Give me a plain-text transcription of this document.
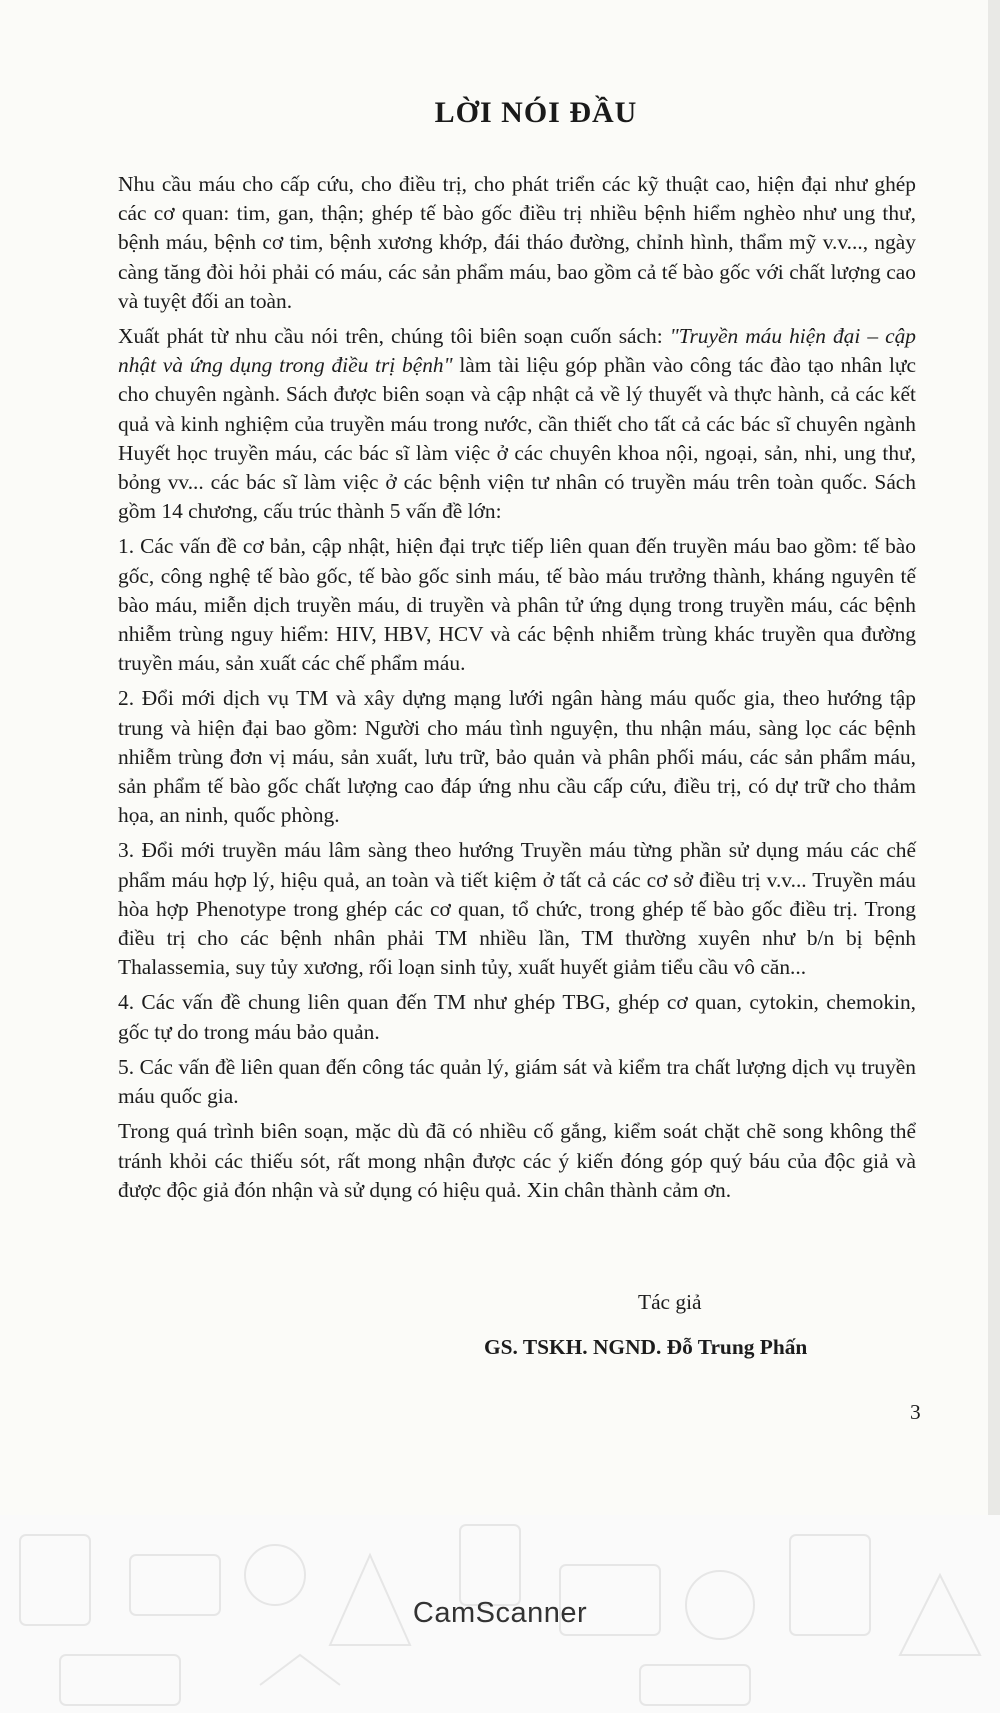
LỜI NÓI ĐẦU

Nhu cầu máu cho cấp cứu, cho điều trị, cho phát triển các kỹ thuật cao, hiện đại như ghép các cơ quan: tim, gan, thận; ghép tế bào gốc điều trị nhiều bệnh hiểm nghèo như ung thư, bệnh máu, bệnh cơ tim, bệnh xương khớp, đái tháo đường, chỉnh hình, thẩm mỹ v.v..., ngày càng tăng đòi hỏi phải có máu, các sản phẩm máu, bao gồm cả tế bào gốc với chất lượng cao và tuyệt đối an toàn.

Xuất phát từ nhu cầu nói trên, chúng tôi biên soạn cuốn sách: "Truyền máu hiện đại – cập nhật và ứng dụng trong điều trị bệnh" làm tài liệu góp phần vào công tác đào tạo nhân lực cho chuyên ngành. Sách được biên soạn và cập nhật cả về lý thuyết và thực hành, cả các kết quả và kinh nghiệm của truyền máu trong nước, cần thiết cho tất cả các bác sĩ chuyên ngành Huyết học truyền máu, các bác sĩ làm việc ở các chuyên khoa nội, ngoại, sản, nhi, ung thư, bỏng vv... các bác sĩ làm việc ở các bệnh viện tư nhân có truyền máu trên toàn quốc. Sách gồm 14 chương, cấu trúc thành 5 vấn đề lớn:

1. Các vấn đề cơ bản, cập nhật, hiện đại trực tiếp liên quan đến truyền máu bao gồm: tế bào gốc, công nghệ tế bào gốc, tế bào gốc sinh máu, tế bào máu trưởng thành, kháng nguyên tế bào máu, miễn dịch truyền máu, di truyền và phân tử ứng dụng trong truyền máu, các bệnh nhiễm trùng nguy hiểm: HIV, HBV, HCV và các bệnh nhiễm trùng khác truyền qua đường truyền máu, sản xuất các chế phẩm máu.

2. Đổi mới dịch vụ TM và xây dựng mạng lưới ngân hàng máu quốc gia, theo hướng tập trung và hiện đại bao gồm: Người cho máu tình nguyện, thu nhận máu, sàng lọc các bệnh nhiễm trùng đơn vị máu, sản xuất, lưu trữ, bảo quản và phân phối máu, các sản phẩm máu, sản phẩm tế bào gốc chất lượng cao đáp ứng nhu cầu cấp cứu, điều trị, có dự trữ cho thảm họa, an ninh, quốc phòng.

3. Đổi mới truyền máu lâm sàng theo hướng Truyền máu từng phần sử dụng máu các chế phẩm máu hợp lý, hiệu quả, an toàn và tiết kiệm ở tất cả các cơ sở điều trị v.v... Truyền máu hòa hợp Phenotype trong ghép các cơ quan, tổ chức, trong ghép tế bào gốc điều trị. Trong điều trị cho các bệnh nhân phải TM nhiều lần, TM thường xuyên như b/n bị bệnh Thalassemia, suy tủy xương, rối loạn sinh tủy, xuất huyết giảm tiểu cầu vô căn...

4. Các vấn đề chung liên quan đến TM như ghép TBG, ghép cơ quan, cytokin, chemokin, gốc tự do trong máu bảo quản.

5. Các vấn đề liên quan đến công tác quản lý, giám sát và kiểm tra chất lượng dịch vụ truyền máu quốc gia.

Trong quá trình biên soạn, mặc dù đã có nhiều cố gắng, kiểm soát chặt chẽ song không thể tránh khỏi các thiếu sót, rất mong nhận được các ý kiến đóng góp quý báu của độc giả và được độc giả đón nhận và sử dụng có hiệu quả. Xin chân thành cảm ơn.

Tác giả
GS. TSKH. NGND. Đỗ Trung Phấn
3
CamScanner
